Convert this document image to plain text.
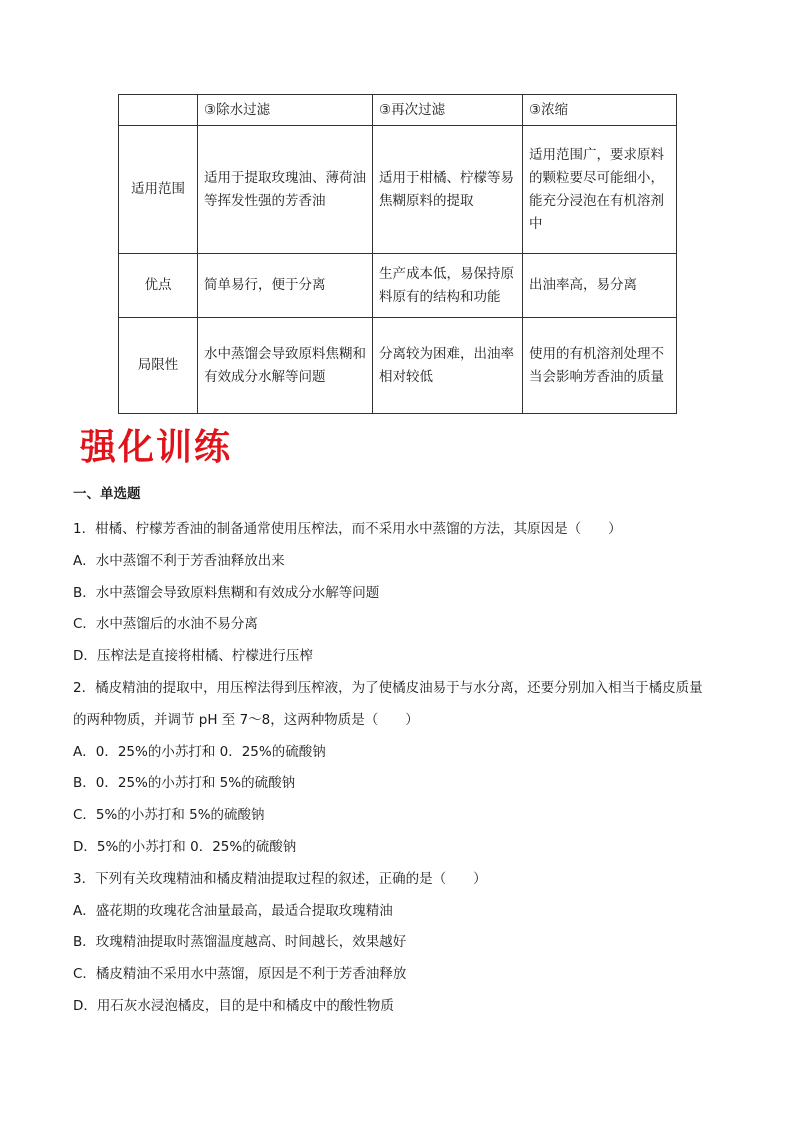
	③除水过滤	③再次过滤	③浓缩
适用范围	适用于提取玫瑰油、薄荷油等挥发性强的芳香油	适用于柑橘、柠檬等易焦糊原料的提取	适用范围广，要求原料的颗粒要尽可能细小，能充分浸泡在有机溶剂中
优点	简单易行，便于分离	生产成本低，易保持原料原有的结构和功能	出油率高，易分离
局限性	水中蒸馏会导致原料焦糊和有效成分水解等问题	分离较为困难，出油率相对较低	使用的有机溶剂处理不当会影响芳香油的质量
强化训练
一、单选题
1．柑橘、柠檬芳香油的制备通常使用压榨法，而不采用水中蒸馏的方法，其原因是（　　）
A．水中蒸馏不利于芳香油释放出来
B．水中蒸馏会导致原料焦糊和有效成分水解等问题
C．水中蒸馏后的水油不易分离
D．压榨法是直接将柑橘、柠檬进行压榨
2．橘皮精油的提取中，用压榨法得到压榨液，为了使橘皮油易于与水分离，还要分别加入相当于橘皮质量
的两种物质，并调节 pH 至 7～8，这两种物质是（　　）
A．0．25%的小苏打和 0．25%的硫酸钠
B．0．25%的小苏打和 5%的硫酸钠
C．5%的小苏打和 5%的硫酸钠
D．5%的小苏打和 0．25%的硫酸钠
3．下列有关玫瑰精油和橘皮精油提取过程的叙述，正确的是（　　）
A．盛花期的玫瑰花含油量最高，最适合提取玫瑰精油
B．玫瑰精油提取时蒸馏温度越高、时间越长，效果越好
C．橘皮精油不采用水中蒸馏，原因是不利于芳香油释放
D．用石灰水浸泡橘皮，目的是中和橘皮中的酸性物质
